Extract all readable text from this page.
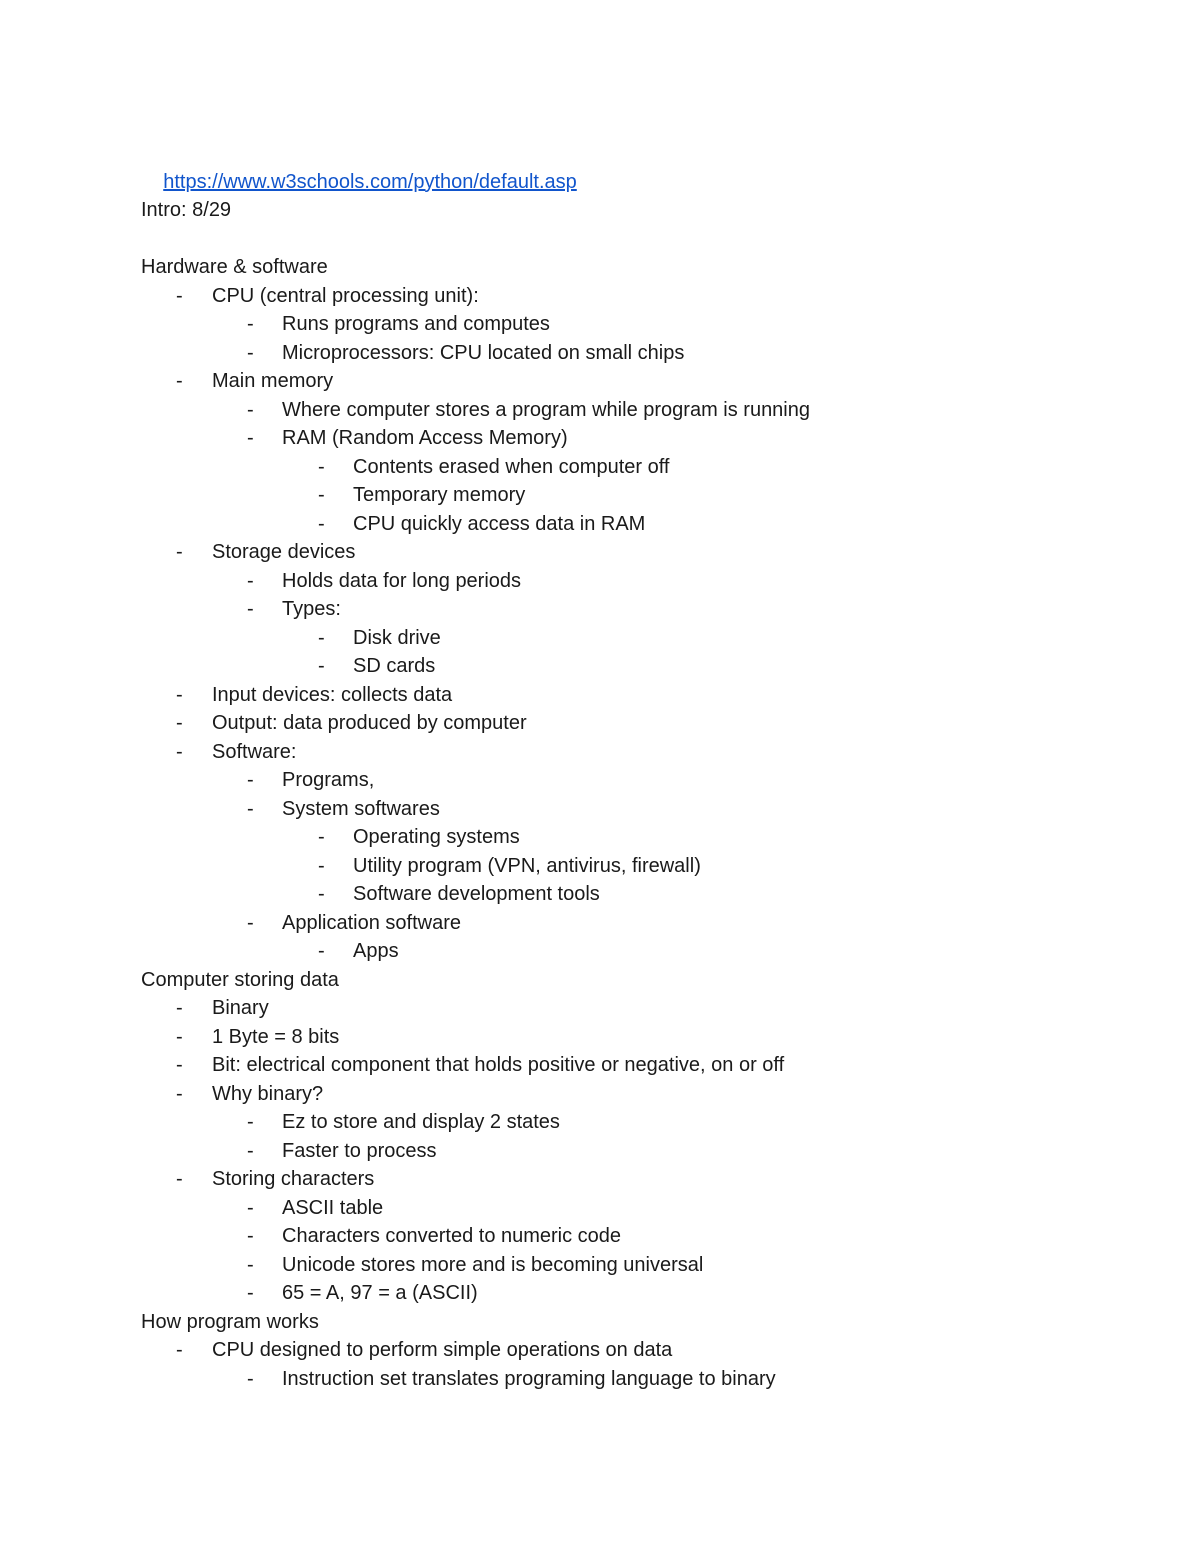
https://www.w3schools.com/python/default.asp

Intro: 8/29
Hardware & software
- CPU (central processing unit):
- Runs programs and computes
- Microprocessors: CPU located on small chips
- Main memory
- Where computer stores a program while program is running
- RAM (Random Access Memory)
- Contents erased when computer off
- Temporary memory
- CPU quickly access data in RAM
- Storage devices
- Holds data for long periods
- Types:
- Disk drive
- SD cards
- Input devices: collects data
- Output: data produced by computer
- Software:
- Programs,
- System softwares
- Operating systems
- Utility program (VPN, antivirus, firewall)
- Software development tools
- Application software
- Apps
Computer storing data
- Binary
- 1 Byte = 8 bits
- Bit: electrical component that holds positive or negative, on or off
- Why binary?
- Ez to store and display 2 states
- Faster to process
- Storing characters
- ASCII table
- Characters converted to numeric code
- Unicode stores more and is becoming universal
- 65 = A, 97 = a (ASCII)
How program works
- CPU designed to perform simple operations on data
- Instruction set translates programing language to binary
